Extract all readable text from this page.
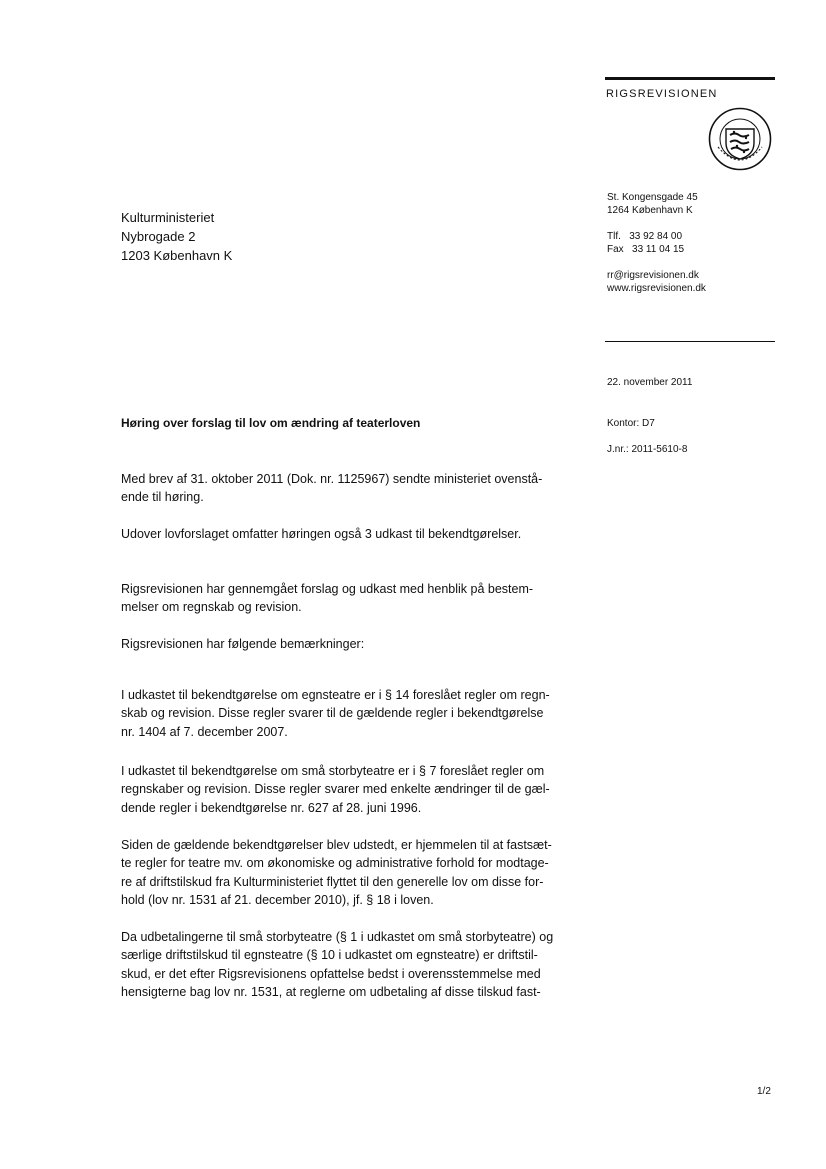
RIGSREVISIONEN
St. Kongensgade 45
1264 København K
Tlf.   33 92 84 00
Fax   33 11 04 15
rr@rigsrevisionen.dk
www.rigsrevisionen.dk
22. november 2011
Kontor: D7
J.nr.: 2011-5610-8
Kulturministeriet
Nybrogade 2
1203 København K
Høring over forslag til lov om ændring af teaterloven
Med brev af 31. oktober 2011 (Dok. nr. 1125967) sendte ministeriet ovenstå-
ende til høring.
Udover lovforslaget omfatter høringen også 3 udkast til bekendtgørelser.
Rigsrevisionen har gennemgået forslag og udkast med henblik på bestem-
melser om regnskab og revision.
Rigsrevisionen har følgende bemærkninger:
I udkastet til bekendtgørelse om egnsteatre er i § 14 foreslået regler om regn-
skab og revision. Disse regler svarer til de gældende regler i bekendtgørelse
nr. 1404 af 7. december 2007.
I udkastet til bekendtgørelse om små storbyteatre er i § 7 foreslået regler om
regnskaber og revision. Disse regler svarer med enkelte ændringer til de gæl-
dende regler i bekendtgørelse nr. 627 af 28. juni 1996.
Siden de gældende bekendtgørelser blev udstedt, er hjemmelen til at fastsæt-
te regler for teatre mv. om økonomiske og administrative forhold for modtage-
re af driftstilskud fra Kulturministeriet flyttet til den generelle lov om disse for-
hold (lov nr. 1531 af 21. december 2010), jf. § 18 i loven.
Da udbetalingerne til små storbyteatre (§ 1 i udkastet om små storbyteatre) og
særlige driftstilskud til egnsteatre (§ 10 i udkastet om egnsteatre) er driftstil-
skud, er det efter Rigsrevisionens opfattelse bedst i overensstemmelse med
hensigterne bag lov nr. 1531, at reglerne om udbetaling af disse tilskud fast-
1/2
